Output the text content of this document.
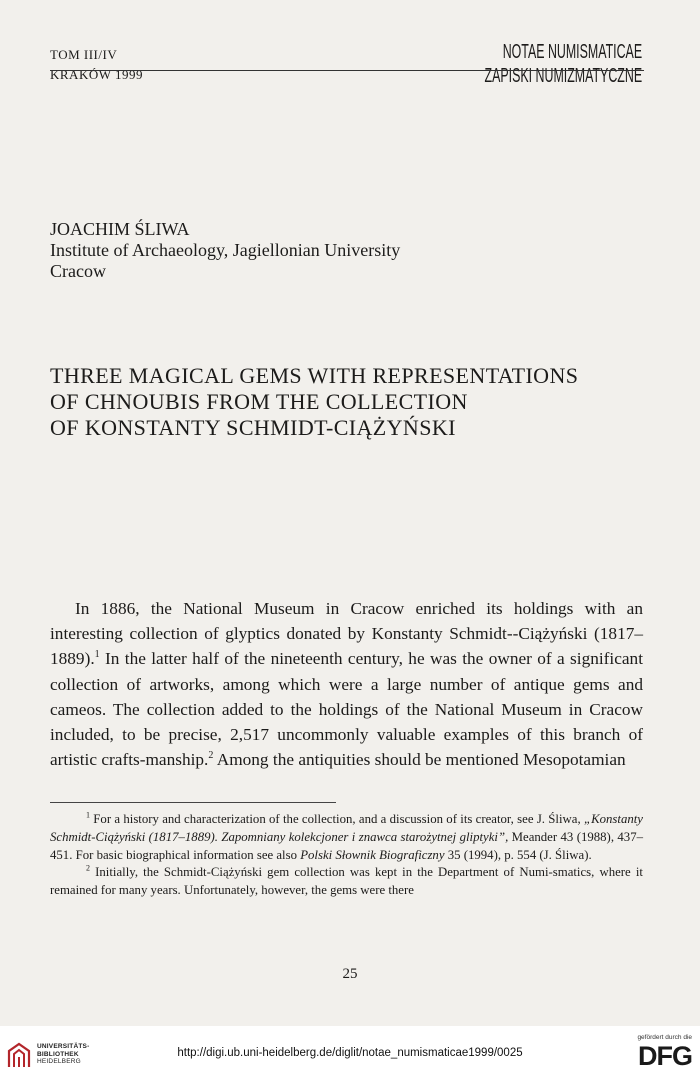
TOM III/IV
KRAKÓW 1999
NOTAE NUMISMATICAE
ZAPISKI NUMIZMATYCZNE
JOACHIM ŚLIWA
Institute of Archaeology, Jagiellonian University
Cracow
THREE MAGICAL GEMS WITH REPRESENTATIONS
OF CHNOUBIS FROM THE COLLECTION
OF KONSTANTY SCHMIDT-CIĄŻYŃSKI

In 1886, the National Museum in Cracow enriched its holdings with an interesting collection of glyptics donated by Konstanty Schmidt--Ciążyński (1817–1889).$^1$ In the latter half of the nineteenth century, he was the owner of a significant collection of artworks, among which were a large number of antique gems and cameos. The collection added to the holdings of the National Museum in Cracow included, to be precise, 2,517 uncommonly valuable examples of this branch of artistic crafts-manship.$^2$ Among the antiquities should be mentioned Mesopotamian

$^1$ For a history and characterization of the collection, and a discussion of its creator, see J. Śliwa, „Konstanty Schmidt-Ciążyński (1817–1889). Zapomniany kolekcjoner i znawca starożytnej gliptyki”, Meander 43 (1988), 437–451. For basic biographical information see also Polski Słownik Biograficzny 35 (1994), p. 554 (J. Śliwa).

$^2$ Initially, the Schmidt-Ciążyński gem collection was kept in the Department of Numi-smatics, where it remained for many years. Unfortunately, however, the gems were there

25
UNIVERSITÄTS-
BIBLIOTHEK
HEIDELBERG
http://digi.ub.uni-heidelberg.de/diglit/notae_numismaticae1999/0025
gefördert durch die
DFG
